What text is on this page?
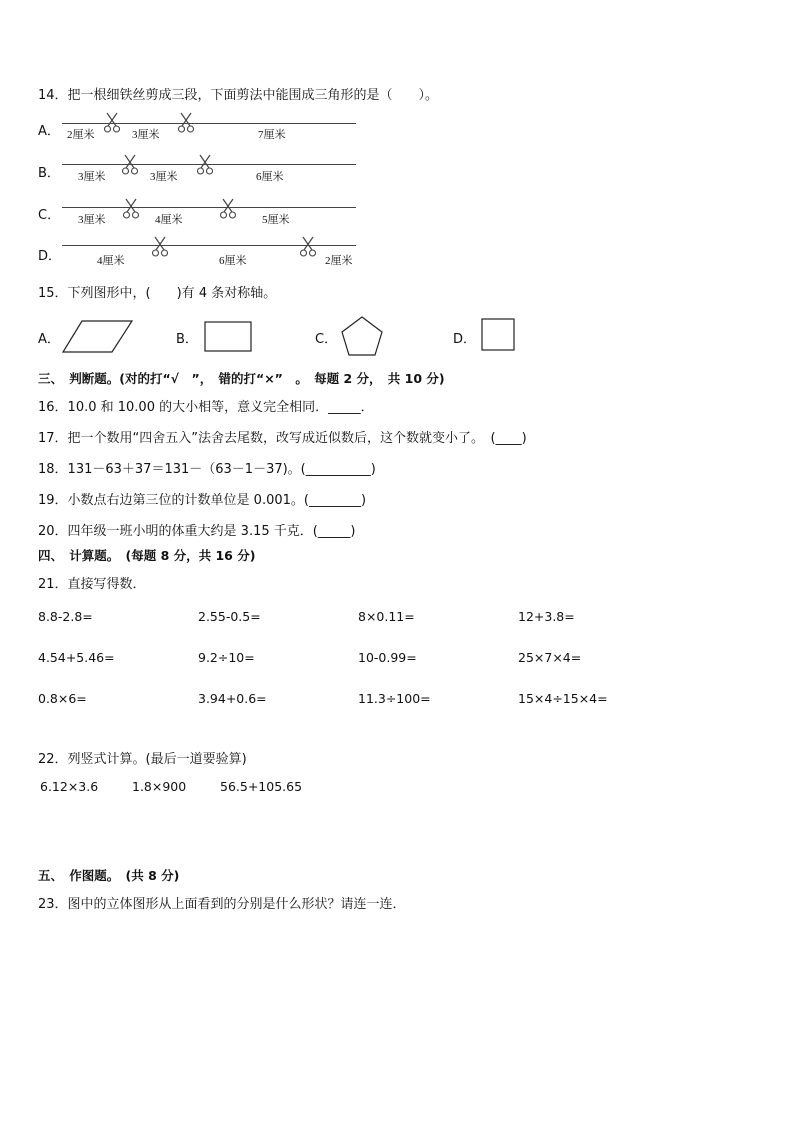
14．把一根细铁丝剪成三段，下面剪法中能围成三角形的是（　　）。
A． 2厘米	3厘米	7厘米
B． 3厘米	3厘米	6厘米
C． 3厘米	4厘米	5厘米
D．	4厘米	6厘米	2厘米
15．下列图形中，(　　)有 4 条对称轴。
A．	B．	C．	D．
三、　判断题。(对的打“√　”，　错的打“×”　。　每题 2 分，　共 10 分)
16．10.0 和 10.00 的大小相等，意义完全相同．_____．
17．把一个数用“四舍五入”法舍去尾数，改写成近似数后，这个数就变小了。　(____)
18．131－63＋37＝131－（63－1－37)。(__________)
19．小数点右边第三位的计数单位是 0.001。(________)
20．四年级一班小明的体重大约是 3.15 千克．(_____)
四、　计算题。　(每题 8 分，共 16 分)
21．直接写得数．
8.8-2.8=	2.55-0.5=	8×0.11=	12+3.8=
4.54+5.46=	9.2÷10=	10-0.99=	25×7×4=
0.8×6=	3.94+0.6=	11.3÷100=	15×4÷15×4=
22．列竖式计算。(最后一道要验算)
6.12×3.6	1.8×900	56.5+105.65
五、　作图题。　(共 8 分)
23．图中的立体图形从上面看到的分别是什么形状？请连一连．
